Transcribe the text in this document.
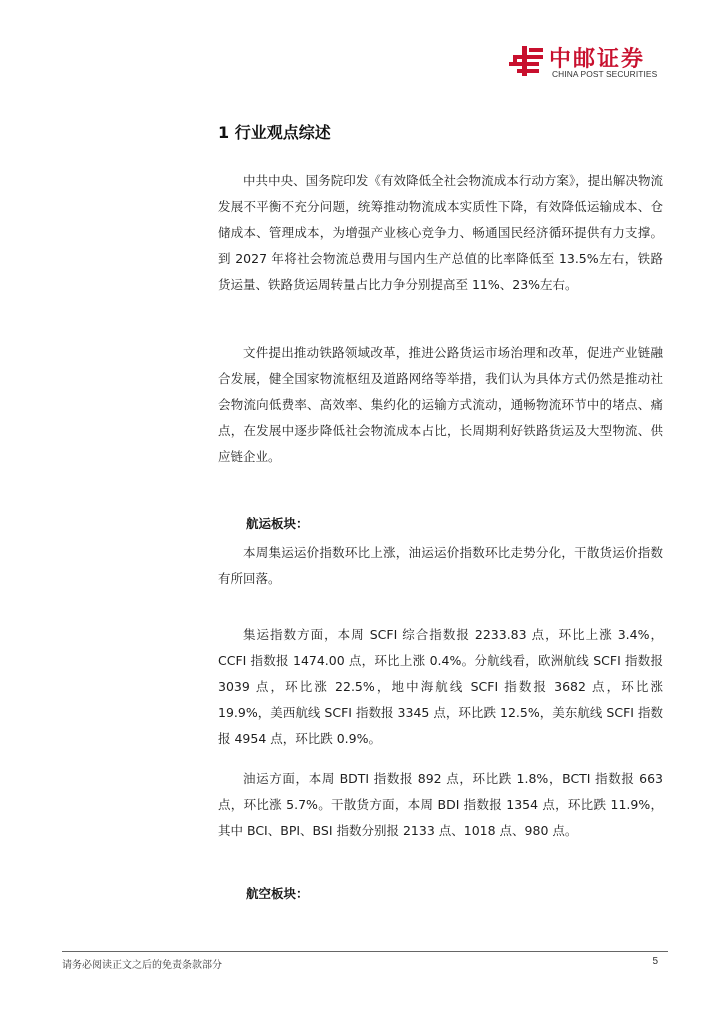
中邮证券
CHINA POST SECURITIES
1 行业观点综述

中共中央、国务院印发《有效降低全社会物流成本行动方案》，提出解决物流发展不平衡不充分问题，统筹推动物流成本实质性下降，有效降低运输成本、仓储成本、管理成本，为增强产业核心竞争力、畅通国民经济循环提供有力支撑。到 2027 年将社会物流总费用与国内生产总值的比率降低至 13.5%左右，铁路货运量、铁路货运周转量占比力争分别提高至 11%、23%左右。

文件提出推动铁路领域改革，推进公路货运市场治理和改革，促进产业链融合发展，健全国家物流枢纽及道路网络等举措，我们认为具体方式仍然是推动社会物流向低费率、高效率、集约化的运输方式流动，通畅物流环节中的堵点、痛点，在发展中逐步降低社会物流成本占比，长周期利好铁路货运及大型物流、供应链企业。

航运板块：

本周集运运价指数环比上涨，油运运价指数环比走势分化，干散货运价指数有所回落。

集运指数方面，本周 SCFI 综合指数报 2233.83 点，环比上涨 3.4%，CCFI 指数报 1474.00 点，环比上涨 0.4%。分航线看，欧洲航线 SCFI 指数报 3039 点，环比涨 22.5%，地中海航线 SCFI 指数报 3682 点，环比涨 19.9%，美西航线 SCFI 指数报 3345 点，环比跌 12.5%，美东航线 SCFI 指数报 4954 点，环比跌 0.9%。

油运方面，本周 BDTI 指数报 892 点，环比跌 1.8%，BCTI 指数报 663 点，环比涨 5.7%。干散货方面，本周 BDI 指数报 1354 点，环比跌 11.9%，其中 BCI、BPI、BSI 指数分别报 2133 点、1018 点、980 点。

航空板块：

请务必阅读正文之后的免责条款部分	5
